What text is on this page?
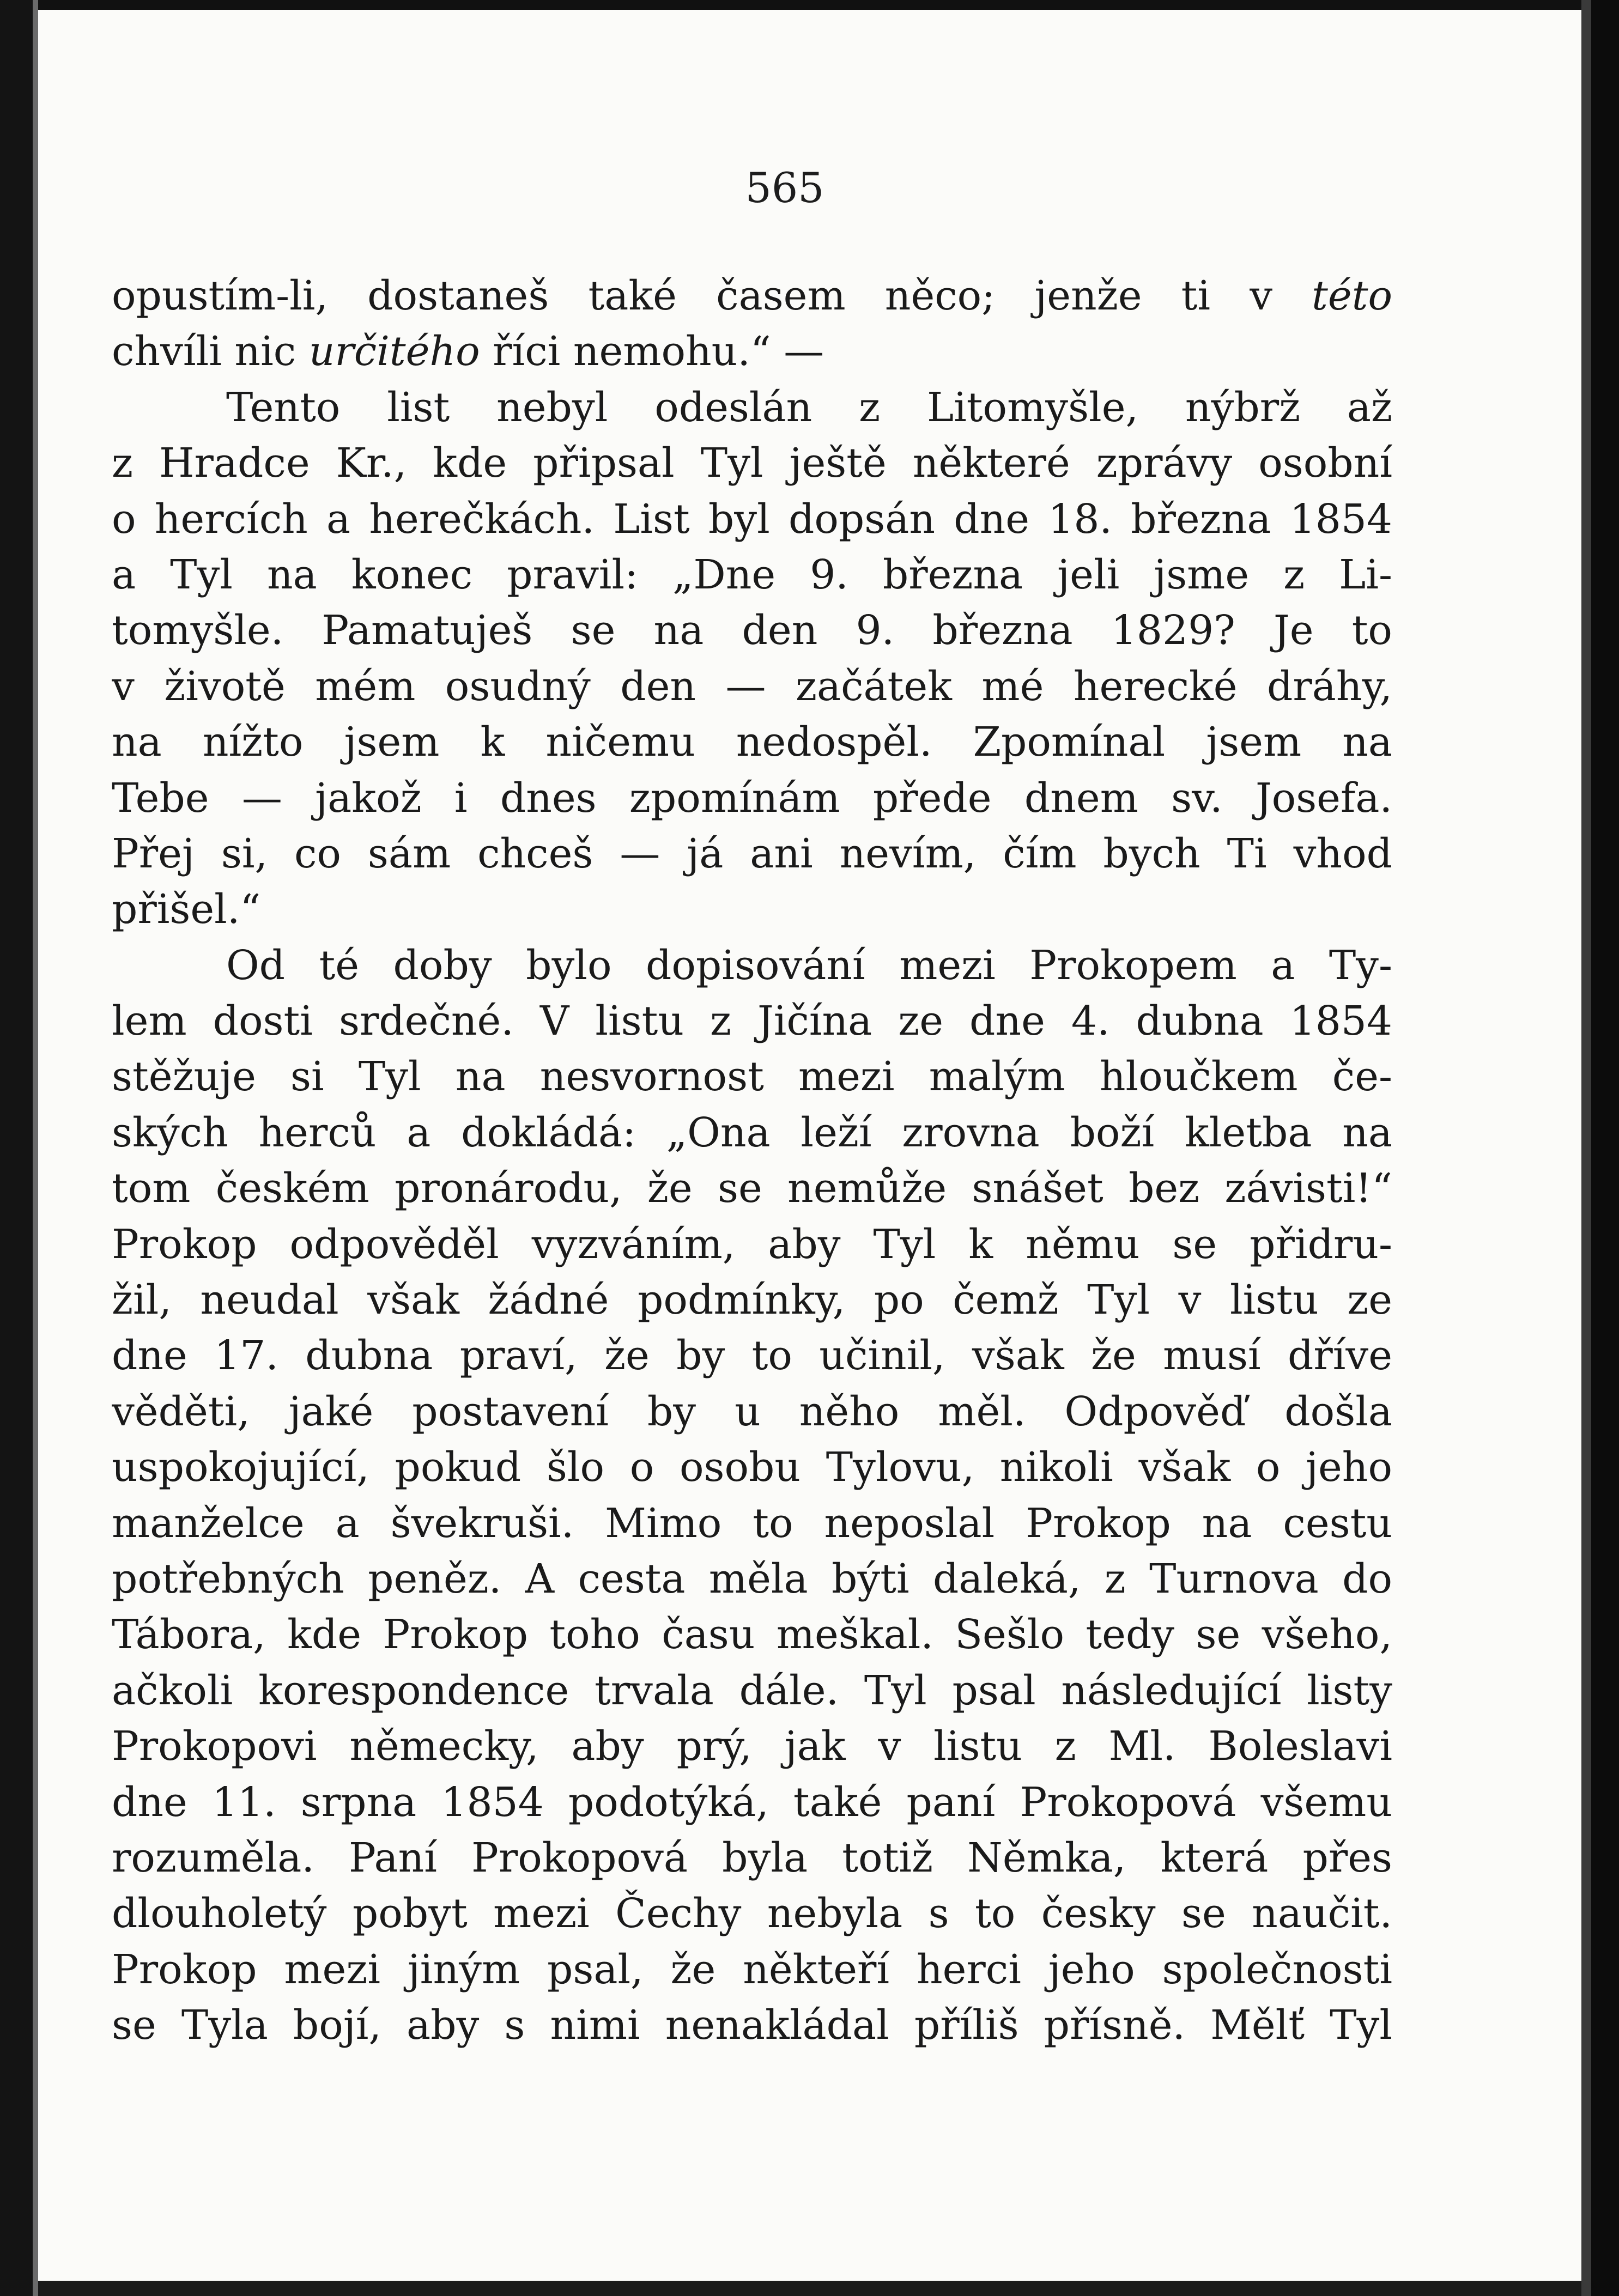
565
opustím-li, dostaneš také časem něco; jenže ti v této
chvíli nic určitého říci nemohu.“ —
Tento list nebyl odeslán z Litomyšle, nýbrž až
z Hradce Kr., kde připsal Tyl ještě některé zprávy osobní
o hercích a herečkách. List byl dopsán dne 18. března 1854
a Tyl na konec pravil: „Dne 9. března jeli jsme z Li-
tomyšle. Pamatuješ se na den 9. března 1829? Je to
v životě mém osudný den — začátek mé herecké dráhy,
na nížto jsem k ničemu nedospěl. Zpomínal jsem na
Tebe — jakož i dnes zpomínám přede dnem sv. Josefa.
Přej si, co sám chceš — já ani nevím, čím bych Ti vhod
přišel.“
Od té doby bylo dopisování mezi Prokopem a Ty-
lem dosti srdečné. V listu z Jičína ze dne 4. dubna 1854
stěžuje si Tyl na nesvornost mezi malým hloučkem če-
ských herců a dokládá: „Ona leží zrovna boží kletba na
tom českém pronárodu, že se nemůže snášet bez závisti!“
Prokop odpověděl vyzváním, aby Tyl k němu se přidru-
žil, neudal však žádné podmínky, po čemž Tyl v listu ze
dne 17. dubna praví, že by to učinil, však že musí dříve
věděti, jaké postavení by u něho měl. Odpověď došla
uspokojující, pokud šlo o osobu Tylovu, nikoli však o jeho
manželce a švekruši. Mimo to neposlal Prokop na cestu
potřebných peněz. A cesta měla býti daleká, z Turnova do
Tábora, kde Prokop toho času meškal. Sešlo tedy se všeho,
ačkoli korespondence trvala dále. Tyl psal následující listy
Prokopovi německy, aby prý, jak v listu z Ml. Boleslavi
dne 11. srpna 1854 podotýká, také paní Prokopová všemu
rozuměla. Paní Prokopová byla totiž Němka, která přes
dlouholetý pobyt mezi Čechy nebyla s to česky se naučit.
Prokop mezi jiným psal, že někteří herci jeho společnosti
se Tyla bojí, aby s nimi nenakládal příliš přísně. Mělť Tyl
